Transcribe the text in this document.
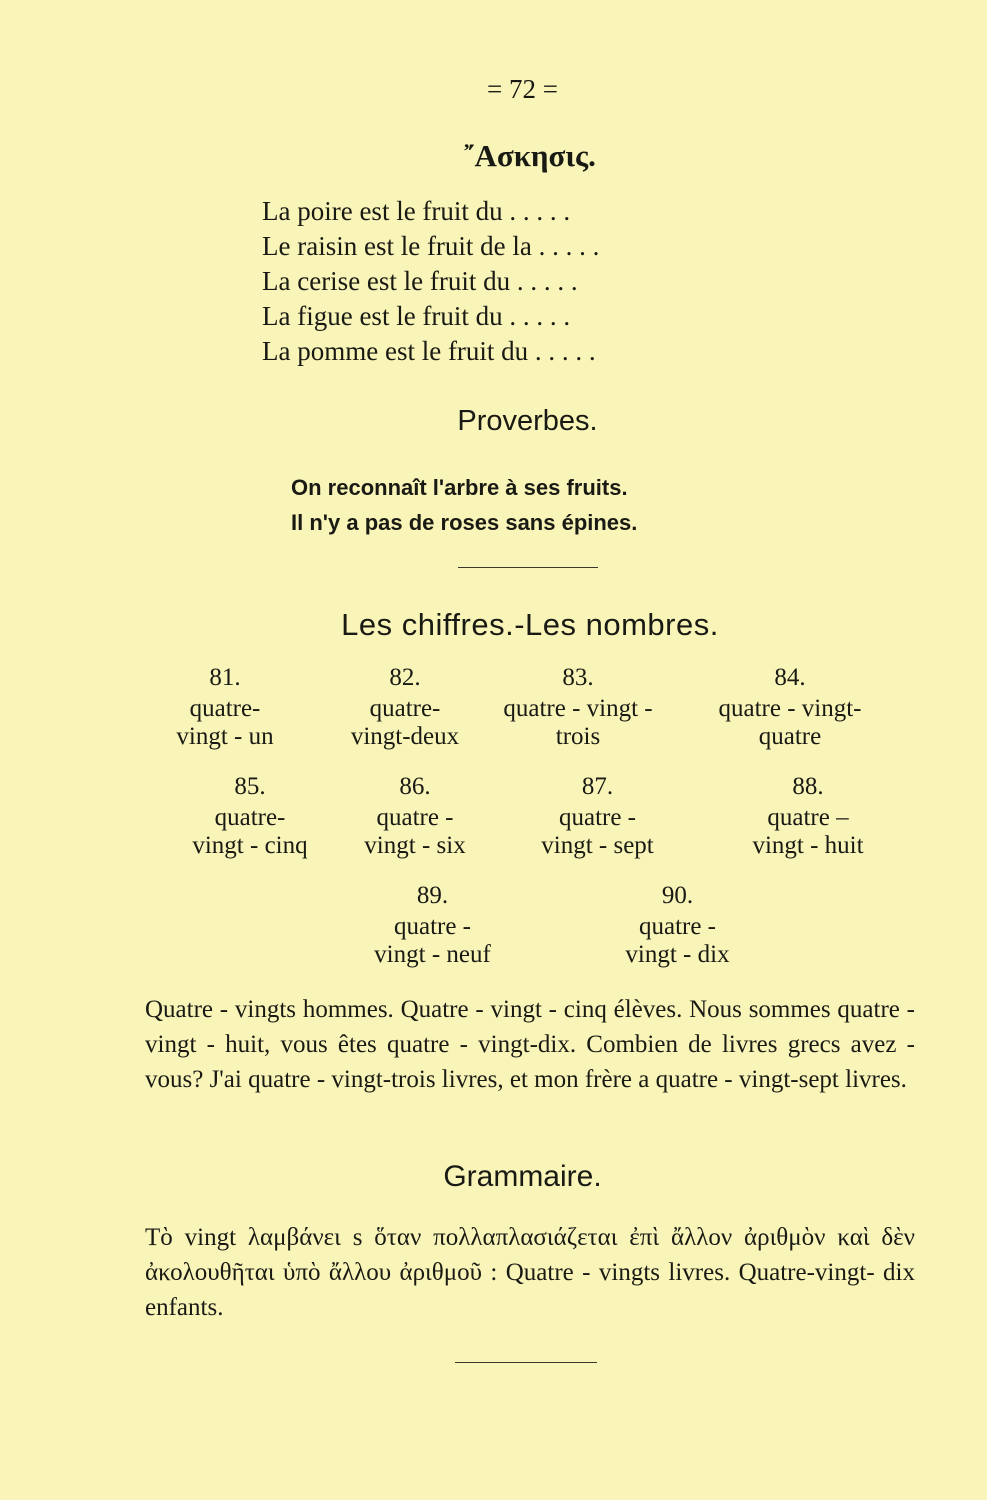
= 72 =
῎Ασκησις.
La poire est le fruit du . . . . .
Le raisin est le fruit de la . . . . .
La cerise est le fruit du . . . . .
La figue est le fruit du . . . . .
La pomme est le fruit du . . . . .
Proverbes.
On reconnaît l'arbre à ses fruits.
Il n'y a pas de roses sans épines.
Les chiffres.-Les nombres.
81.
quatre-
vingt - un
82.
quatre-
vingt-deux
83.
quatre - vingt -
trois
84.
quatre - vingt-
quatre
85.
quatre-
vingt - cinq
86.
quatre -
vingt - six
87.
quatre -
vingt - sept
88.
quatre –
vingt - huit
89.
quatre -
vingt - neuf
90.
quatre -
vingt - dix
Quatre - vingts hommes. Quatre - vingt - cinq élèves. Nous sommes quatre - vingt - huit, vous êtes quatre - vingt-dix. Combien de livres grecs avez - vous? J'ai quatre - vingt-trois livres, et mon frère a quatre - vingt-sept livres.
Grammaire.
Τὸ vingt λαμβάνει s ὅταν πολλαπλασιάζεται ἐπὶ ἄλλον ἀριθμὸν καὶ δὲν ἀκολουθῆται ὑπὸ ἄλλου ἀριθμοῦ : Quatre - vingts livres. Quatre-vingt- dix enfants.
